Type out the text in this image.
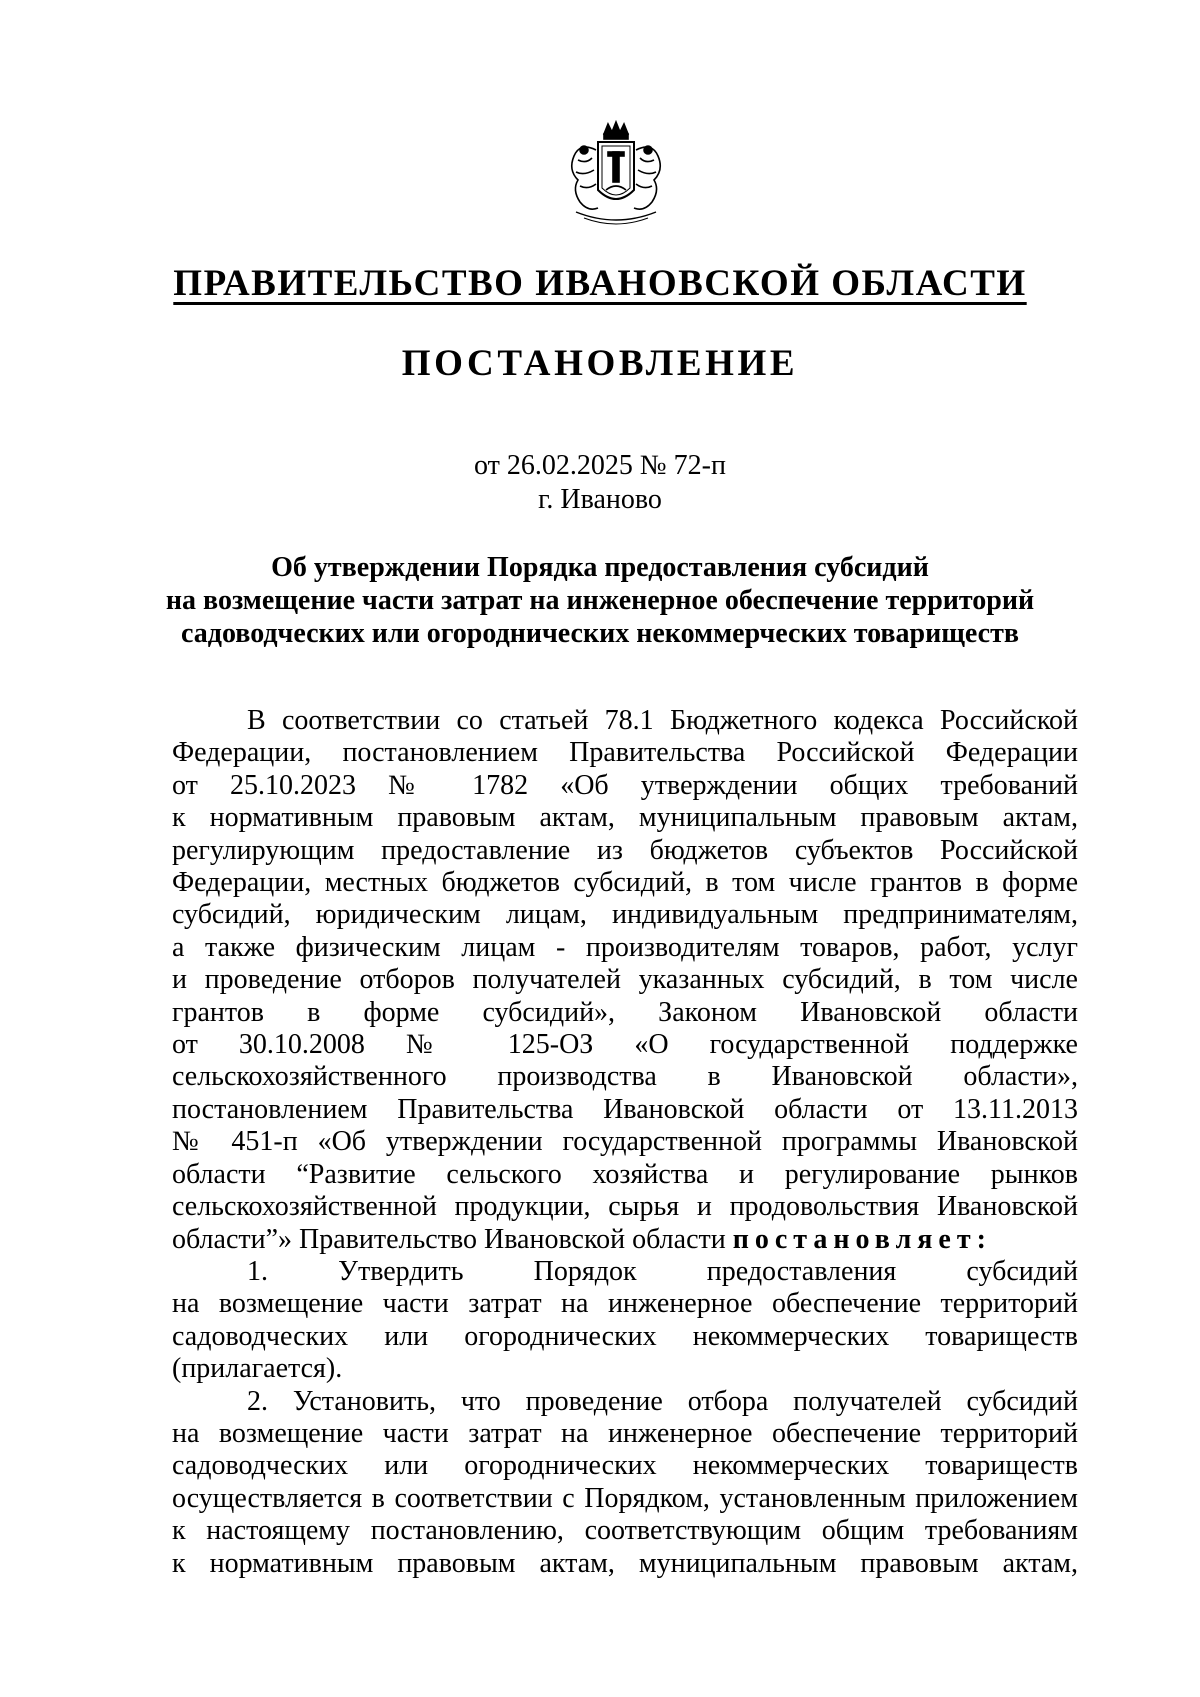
ПРАВИТЕЛЬСТВО ИВАНОВСКОЙ ОБЛАСТИ
ПОСТАНОВЛЕНИЕ
от 26.02.2025 № 72-п
г. Иваново
Об утверждении Порядка предоставления субсидий
на возмещение части затрат на инженерное обеспечение территорий
садоводческих или огороднических некоммерческих товариществ
В соответствии со статьей 78.1 Бюджетного кодекса Российской
Федерации, постановлением Правительства Российской Федерации
от 25.10.2023 № 1782 «Об утверждении общих требований
к нормативным правовым актам, муниципальным правовым актам,
регулирующим предоставление из бюджетов субъектов Российской
Федерации, местных бюджетов субсидий, в том числе грантов в форме
субсидий, юридическим лицам, индивидуальным предпринимателям,
а также физическим лицам - производителям товаров, работ, услуг
и проведение отборов получателей указанных субсидий, в том числе
грантов в форме субсидий», Законом Ивановской области
от 30.10.2008 № 125-ОЗ «О государственной поддержке
сельскохозяйственного производства в Ивановской области»,
постановлением Правительства Ивановской области от 13.11.2013
№ 451-п «Об утверждении государственной программы Ивановской
области “Развитие сельского хозяйства и регулирование рынков
сельскохозяйственной продукции, сырья и продовольствия Ивановской
области”» Правительство Ивановской области постановляет:
1. Утвердить Порядок предоставления субсидий
на возмещение части затрат на инженерное обеспечение территорий
садоводческих или огороднических некоммерческих товариществ
(прилагается).
2. Установить, что проведение отбора получателей субсидий
на возмещение части затрат на инженерное обеспечение территорий
садоводческих или огороднических некоммерческих товариществ
осуществляется в соответствии с Порядком, установленным приложением
к настоящему постановлению, соответствующим общим требованиям
к нормативным правовым актам, муниципальным правовым актам,
